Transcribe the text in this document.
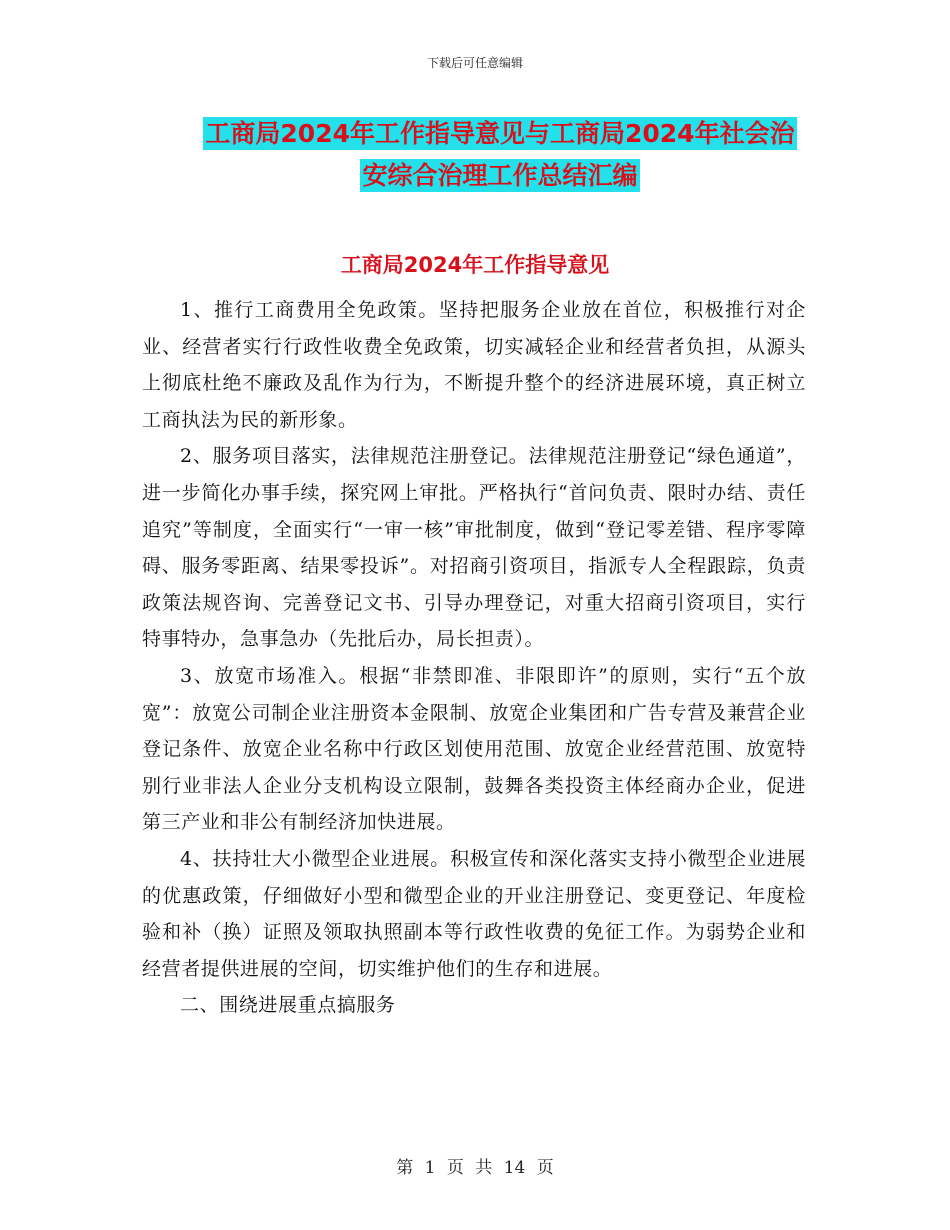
下载后可任意编辑
工商局2024年工作指导意见与工商局2024年社会治
安综合治理工作总结汇编
工商局2024年工作指导意见

1、推行工商费用全免政策。坚持把服务企业放在首位，积极推行对企业、经营者实行行政性收费全免政策，切实减轻企业和经营者负担，从源头上彻底杜绝不廉政及乱作为行为，不断提升整个的经济进展环境，真正树立工商执法为民的新形象。

2、服务项目落实，法律规范注册登记。法律规范注册登记“绿色通道”，进一步简化办事手续，探究网上审批。严格执行“首问负责、限时办结、责任追究”等制度，全面实行“一审一核”审批制度，做到“登记零差错、程序零障碍、服务零距离、结果零投诉”。对招商引资项目，指派专人全程跟踪，负责政策法规咨询、完善登记文书、引导办理登记，对重大招商引资项目，实行特事特办，急事急办（先批后办，局长担责）。

3、放宽市场准入。根据“非禁即准、非限即许”的原则，实行“五个放宽”：放宽公司制企业注册资本金限制、放宽企业集团和广告专营及兼营企业登记条件、放宽企业名称中行政区划使用范围、放宽企业经营范围、放宽特别行业非法人企业分支机构设立限制，鼓舞各类投资主体经商办企业，促进第三产业和非公有制经济加快进展。

4、扶持壮大小微型企业进展。积极宣传和深化落实支持小微型企业进展的优惠政策，仔细做好小型和微型企业的开业注册登记、变更登记、年度检验和补（换）证照及领取执照副本等行政性收费的免征工作。为弱势企业和经营者提供进展的空间，切实维护他们的生存和进展。

二、围绕进展重点搞服务

第 1 页 共 14 页
